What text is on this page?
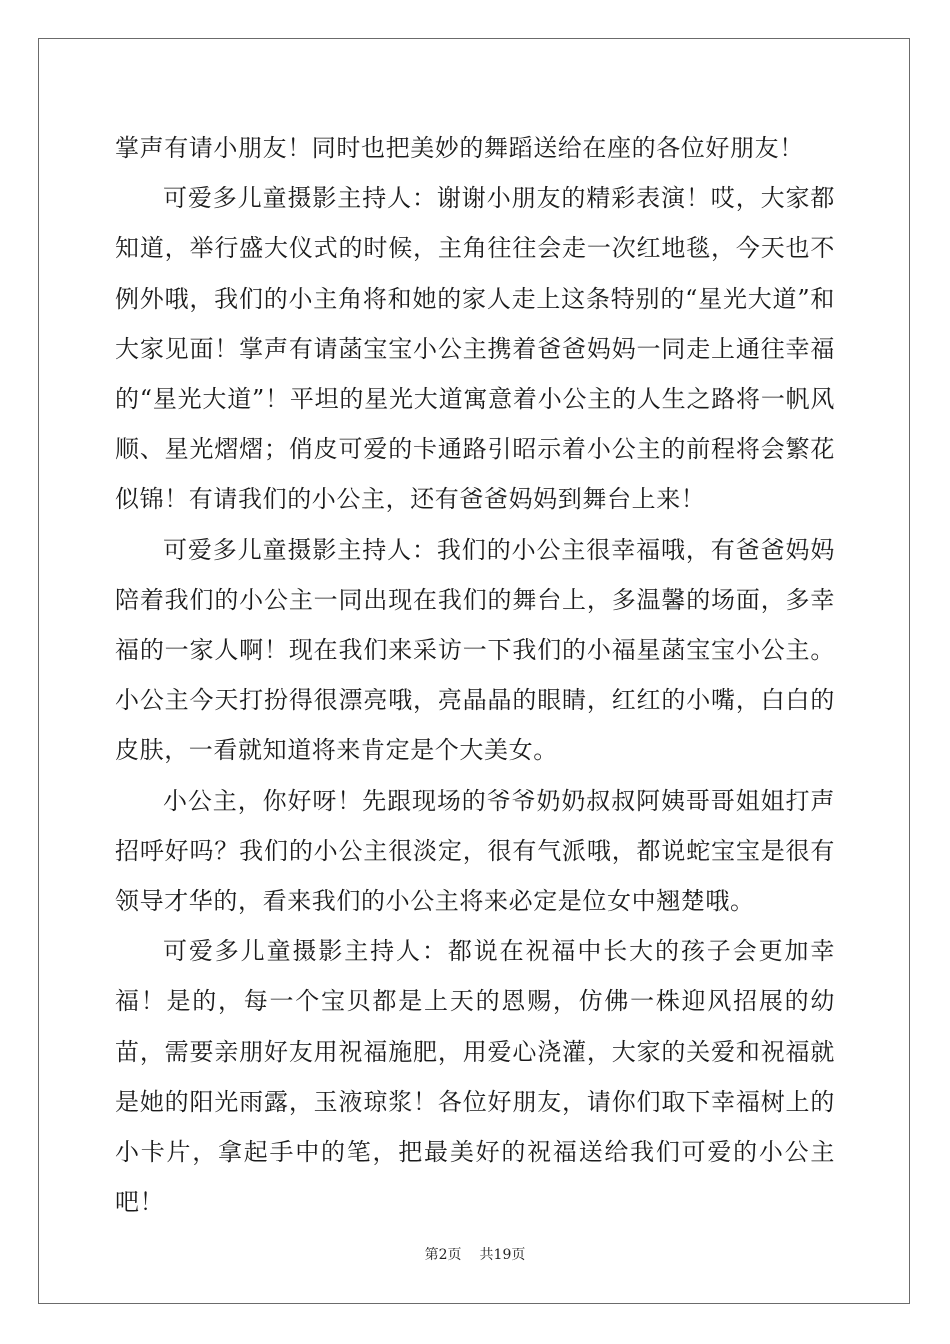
掌声有请小朋友！同时也把美妙的舞蹈送给在座的各位好朋友！

可爱多儿童摄影主持人：谢谢小朋友的精彩表演！哎，大家都知道，举行盛大仪式的时候，主角往往会走一次红地毯，今天也不例外哦，我们的小主角将和她的家人走上这条特别的“星光大道”和大家见面！掌声有请菡宝宝小公主携着爸爸妈妈一同走上通往幸福的“星光大道”！平坦的星光大道寓意着小公主的人生之路将一帆风顺、星光熠熠；俏皮可爱的卡通路引昭示着小公主的前程将会繁花似锦！有请我们的小公主，还有爸爸妈妈到舞台上来！

可爱多儿童摄影主持人：我们的小公主很幸福哦，有爸爸妈妈陪着我们的小公主一同出现在我们的舞台上，多温馨的场面，多幸福的一家人啊！现在我们来采访一下我们的小福星菡宝宝小公主。小公主今天打扮得很漂亮哦，亮晶晶的眼睛，红红的小嘴，白白的皮肤，一看就知道将来肯定是个大美女。

小公主，你好呀！先跟现场的爷爷奶奶叔叔阿姨哥哥姐姐打声招呼好吗？我们的小公主很淡定，很有气派哦，都说蛇宝宝是很有领导才华的，看来我们的小公主将来必定是位女中翘楚哦。

可爱多儿童摄影主持人：都说在祝福中长大的孩子会更加幸福！是的，每一个宝贝都是上天的恩赐，仿佛一株迎风招展的幼苗，需要亲朋好友用祝福施肥，用爱心浇灌，大家的关爱和祝福就是她的阳光雨露，玉液琼浆！各位好朋友，请你们取下幸福树上的小卡片，拿起手中的笔，把最美好的祝福送给我们可爱的小公主吧！

第2页 共19页
